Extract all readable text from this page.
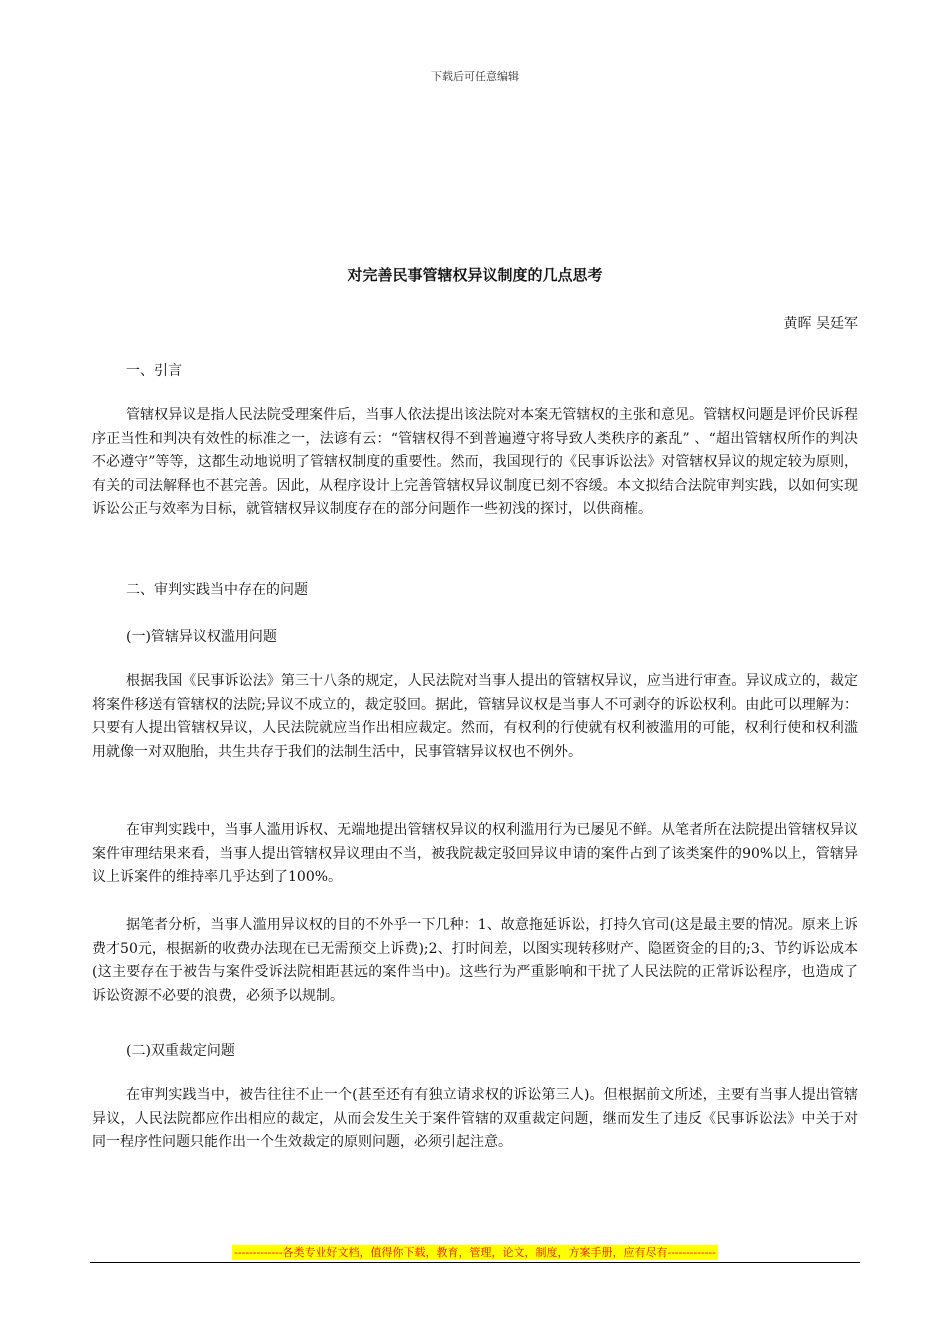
下载后可任意编辑
对完善民事管辖权异议制度的几点思考
黄晖 吴廷军

一、引言

管辖权异议是指人民法院受理案件后，当事人依法提出该法院对本案无管辖权的主张和意见。管辖权问题是评价民诉程序正当性和判决有效性的标准之一，法谚有云：“管辖权得不到普遍遵守将导致人类秩序的紊乱” 、“超出管辖权所作的判决不必遵守”等等，这都生动地说明了管辖权制度的重要性。然而，我国现行的《民事诉讼法》对管辖权异议的规定较为原则，有关的司法解释也不甚完善。因此，从程序设计上完善管辖权异议制度已刻不容缓。本文拟结合法院审判实践，以如何实现诉讼公正与效率为目标，就管辖权异议制度存在的部分问题作一些初浅的探讨，以供商榷。

二、审判实践当中存在的问题

(一)管辖异议权滥用问题

根据我国《民事诉讼法》第三十八条的规定，人民法院对当事人提出的管辖权异议，应当进行审查。异议成立的，裁定将案件移送有管辖权的法院;异议不成立的，裁定驳回。据此，管辖异议权是当事人不可剥夺的诉讼权利。由此可以理解为：只要有人提出管辖权异议，人民法院就应当作出相应裁定。然而，有权利的行使就有权利被滥用的可能，权利行使和权利滥用就像一对双胞胎，共生共存于我们的法制生活中，民事管辖异议权也不例外。

在审判实践中，当事人滥用诉权、无端地提出管辖权异议的权利滥用行为已屡见不鲜。从笔者所在法院提出管辖权异议案件审理结果来看，当事人提出管辖权异议理由不当，被我院裁定驳回异议申请的案件占到了该类案件的90%以上，管辖异议上诉案件的维持率几乎达到了100%。

据笔者分析，当事人滥用异议权的目的不外乎一下几种：1、故意拖延诉讼，打持久官司(这是最主要的情况。原来上诉费才50元，根据新的收费办法现在已无需预交上诉费);2、打时间差，以图实现转移财产、隐匿资金的目的;3、节约诉讼成本(这主要存在于被告与案件受诉法院相距甚远的案件当中)。这些行为严重影响和干扰了人民法院的正常诉讼程序，也造成了诉讼资源不必要的浪费，必须予以规制。

(二)双重裁定问题

在审判实践当中，被告往往不止一个(甚至还有有独立请求权的诉讼第三人)。但根据前文所述，主要有当事人提出管辖异议，人民法院都应作出相应的裁定，从而会发生关于案件管辖的双重裁定问题，继而发生了违反《民事诉讼法》中关于对同一程序性问题只能作出一个生效裁定的原则问题，必须引起注意。

-------------各类专业好文档，值得你下载，教育，管理，论文，制度，方案手册，应有尽有-------------
